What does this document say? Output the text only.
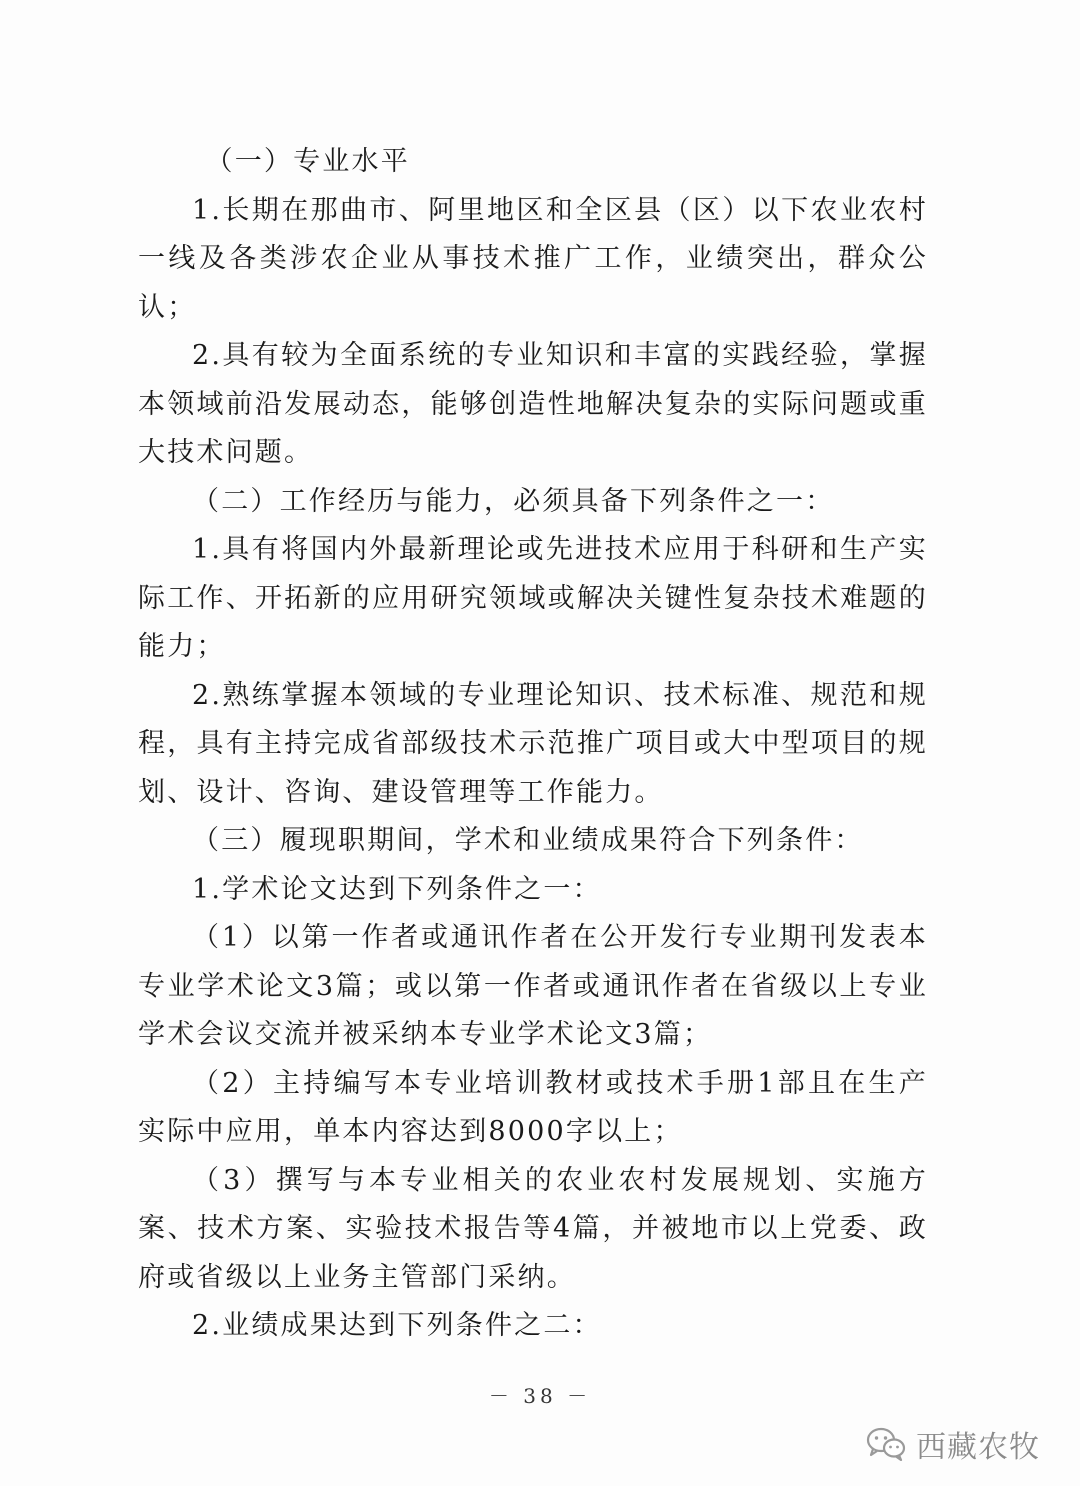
（一）专业水平

1.长期在那曲市、阿里地区和全区县（区）以下农业农村一线及各类涉农企业从事技术推广工作，业绩突出，群众公认；

2.具有较为全面系统的专业知识和丰富的实践经验，掌握本领域前沿发展动态，能够创造性地解决复杂的实际问题或重大技术问题。

（二）工作经历与能力，必须具备下列条件之一：

1.具有将国内外最新理论或先进技术应用于科研和生产实际工作、开拓新的应用研究领域或解决关键性复杂技术难题的能力；

2.熟练掌握本领域的专业理论知识、技术标准、规范和规程，具有主持完成省部级技术示范推广项目或大中型项目的规划、设计、咨询、建设管理等工作能力。

（三）履现职期间，学术和业绩成果符合下列条件：

1.学术论文达到下列条件之一：

（1）以第一作者或通讯作者在公开发行专业期刊发表本专业学术论文3篇；或以第一作者或通讯作者在省级以上专业学术会议交流并被采纳本专业学术论文3篇；

（2）主持编写本专业培训教材或技术手册1部且在生产实际中应用，单本内容达到8000字以上；

（3）撰写与本专业相关的农业农村发展规划、实施方案、技术方案、实验技术报告等4篇，并被地市以上党委、政府或省级以上业务主管部门采纳。

2.业绩成果达到下列条件之二：

－ 38 －
西藏农牧
